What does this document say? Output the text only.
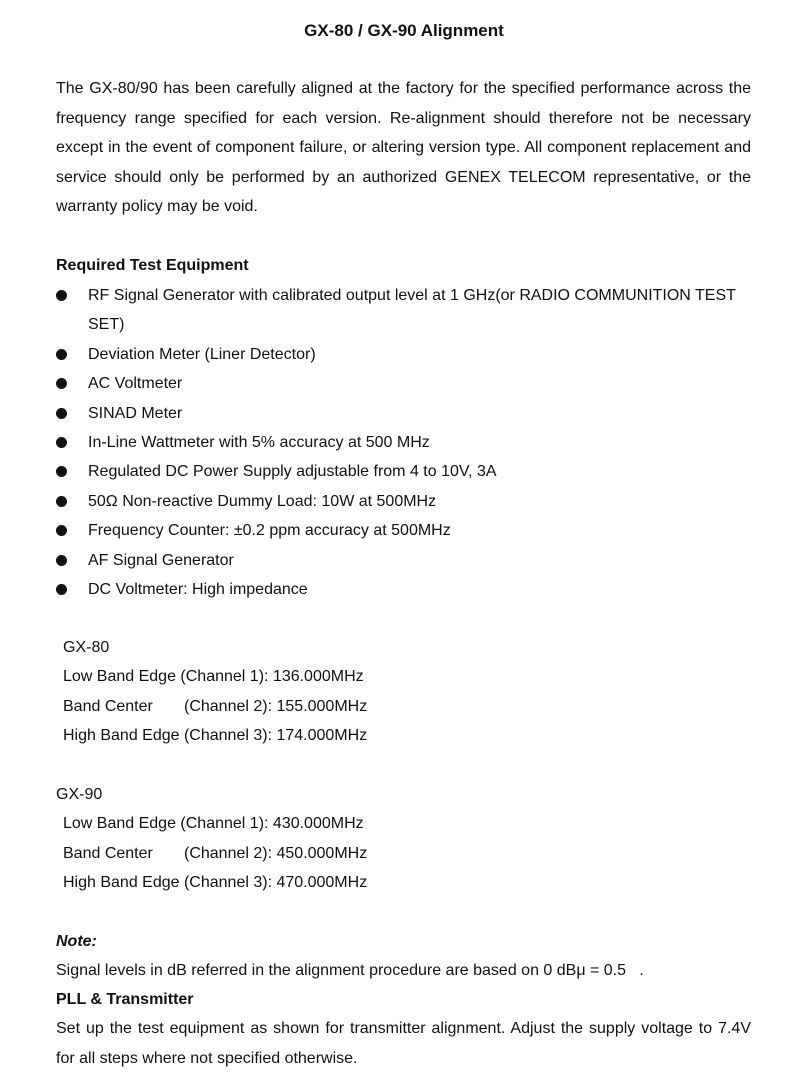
GX-80 / GX-90 Alignment

The GX-80/90 has been carefully aligned at the factory for the specified performance across the frequency range specified for each version. Re-alignment should therefore not be necessary except in the event of component failure, or altering version type. All component replacement and service should only be performed by an authorized GENEX TELECOM representative, or the warranty policy may be void.

Required Test Equipment
RF Signal Generator with calibrated output level at 1 GHz(or RADIO COMMUNITION TEST SET)
Deviation Meter (Liner Detector)
AC Voltmeter
SINAD Meter
In-Line Wattmeter with 5% accuracy at 500 MHz
Regulated DC Power Supply adjustable from 4 to 10V, 3A
50Ω Non-reactive Dummy Load: 10W at 500MHz
Frequency Counter: ±0.2 ppm accuracy at 500MHz
AF Signal Generator
DC Voltmeter: High impedance
GX-80
Low Band Edge (Channel 1): 136.000MHz
Band Center (Channel 2): 155.000MHz
High Band Edge (Channel 3): 174.000MHz
GX-90
Low Band Edge (Channel 1): 430.000MHz
Band Center (Channel 2): 450.000MHz
High Band Edge (Channel 3): 470.000MHz
Note:
Signal levels in dB referred in the alignment procedure are based on 0 dBμ = 0.5   .
PLL & Transmitter

Set up the test equipment as shown for transmitter alignment. Adjust the supply voltage to 7.4V for all steps where not specified otherwise.
